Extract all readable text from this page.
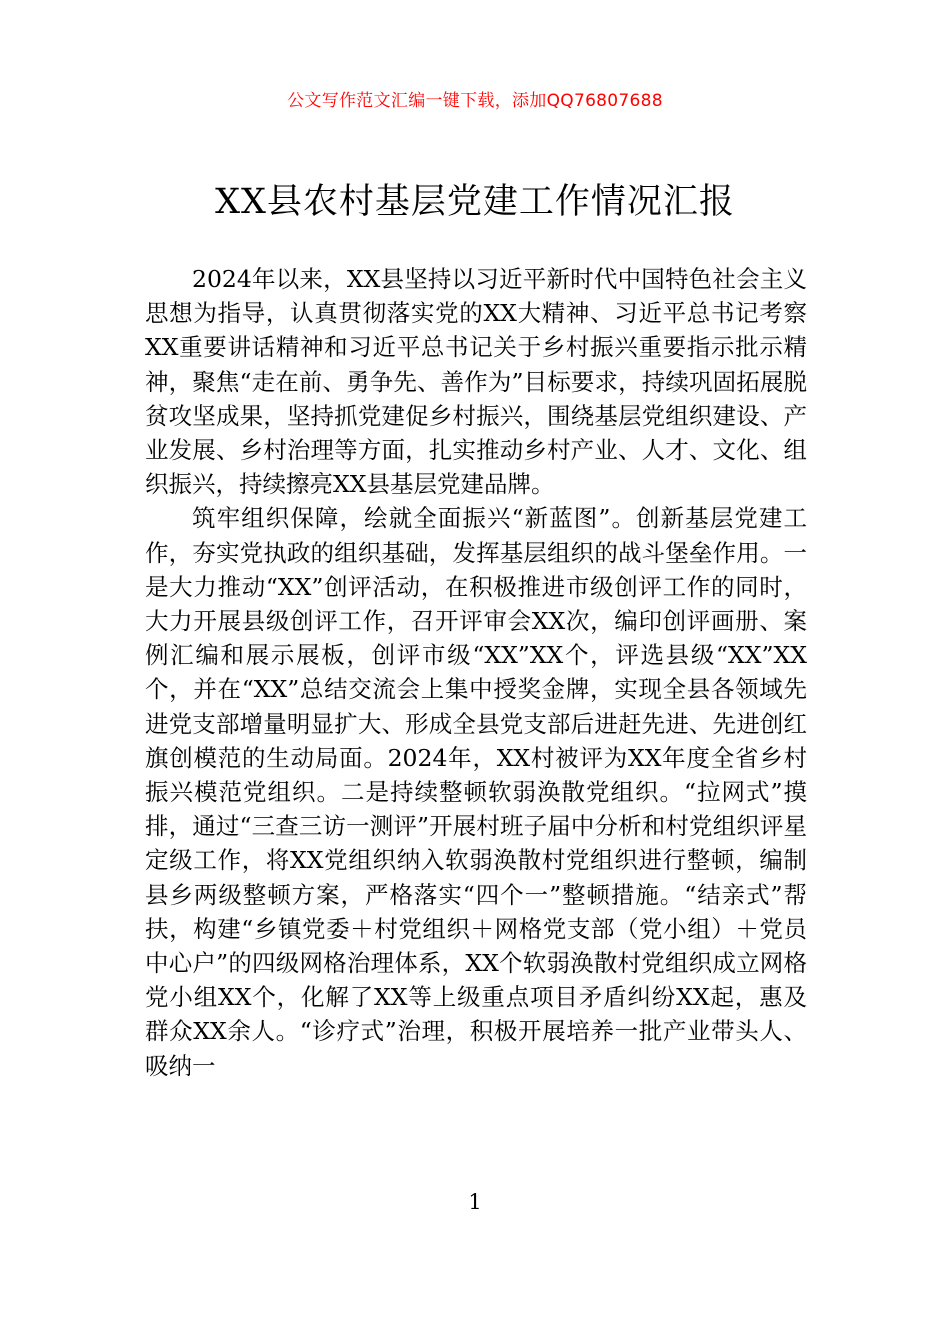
公文写作范文汇编一键下载，添加QQ76807688
XX县农村基层党建工作情况汇报

2024年以来，XX县坚持以习近平新时代中国特色社会主义思想为指导，认真贯彻落实党的XX大精神、习近平总书记考察XX重要讲话精神和习近平总书记关于乡村振兴重要指示批示精神，聚焦“走在前、勇争先、善作为”目标要求，持续巩固拓展脱贫攻坚成果，坚持抓党建促乡村振兴，围绕基层党组织建设、产业发展、乡村治理等方面，扎实推动乡村产业、人才、文化、组织振兴，持续擦亮XX县基层党建品牌。

筑牢组织保障，绘就全面振兴“新蓝图”。创新基层党建工作，夯实党执政的组织基础，发挥基层组织的战斗堡垒作用。一是大力推动“XX”创评活动，在积极推进市级创评工作的同时，大力开展县级创评工作，召开评审会XX次，编印创评画册、案例汇编和展示展板，创评市级“XX”XX个，评选县级“XX”XX个，并在“XX”总结交流会上集中授奖金牌，实现全县各领域先进党支部增量明显扩大、形成全县党支部后进赶先进、先进创红旗创模范的生动局面。2024年，XX村被评为XX年度全省乡村振兴模范党组织。二是持续整顿软弱涣散党组织。“拉网式”摸排，通过“三查三访一测评”开展村班子届中分析和村党组织评星定级工作，将XX党组织纳入软弱涣散村党组织进行整顿，编制县乡两级整顿方案，严格落实“四个一”整顿措施。“结亲式”帮扶，构建“乡镇党委＋村党组织＋网格党支部（党小组）＋党员中心户”的四级网格治理体系，XX个软弱涣散村党组织成立网格党小组XX个，化解了XX等上级重点项目矛盾纠纷XX起，惠及群众XX余人。“诊疗式”治理，积极开展培养一批产业带头人、吸纳一

1
